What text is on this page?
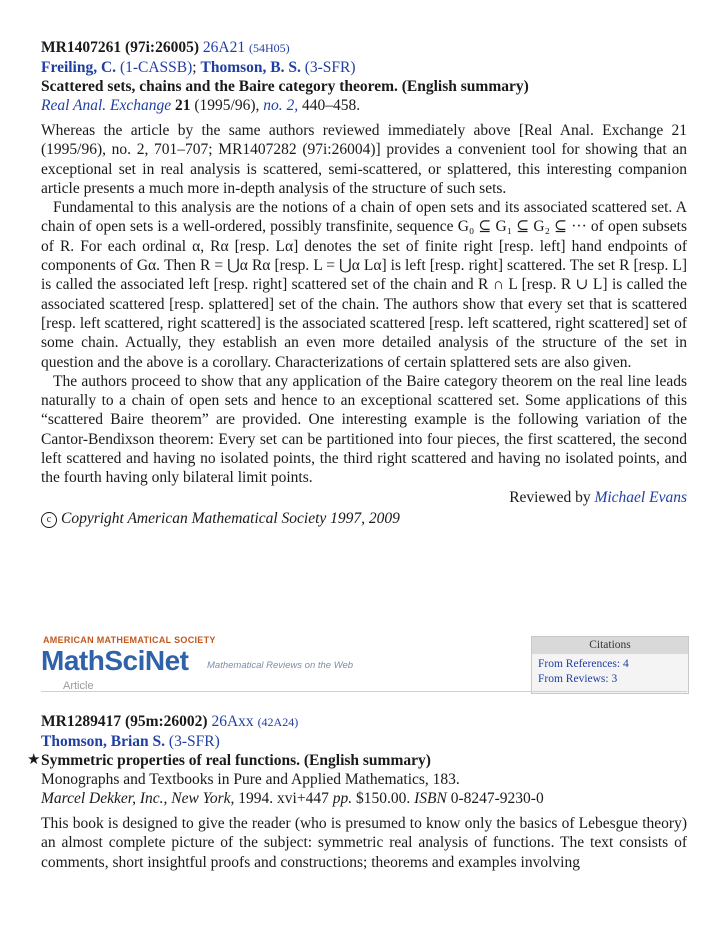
MR1407261 (97i:26005) 26A21 (54H05)
Freiling, C. (1-CASSB); Thomson, B. S. (3-SFR)
Scattered sets, chains and the Baire category theorem. (English summary)
Real Anal. Exchange 21 (1995/96), no. 2, 440–458.

Whereas the article by the same authors reviewed immediately above [Real Anal. Exchange 21 (1995/96), no. 2, 701–707; MR1407282 (97i:26004)] provides a convenient tool for showing that an exceptional set in real analysis is scattered, semi-scattered, or splattered, this interesting companion article presents a much more in-depth analysis of the structure of such sets.

Fundamental to this analysis are the notions of a chain of open sets and its associated scattered set. A chain of open sets is a well-ordered, possibly transfinite, sequence G₀ ⊆ G₁ ⊆ G₂ ⊆ ··· of open subsets of R. For each ordinal α, Rα [resp. Lα] denotes the set of finite right [resp. left] hand endpoints of components of Gα. Then R = ⋃α Rα [resp. L = ⋃α Lα] is left [resp. right] scattered. The set R [resp. L] is called the associated left [resp. right] scattered set of the chain and R ∩ L [resp. R ∪ L] is called the associated scattered [resp. splattered] set of the chain. The authors show that every set that is scattered [resp. left scattered, right scattered] is the associated scattered [resp. left scattered, right scattered] set of some chain. Actually, they establish an even more detailed analysis of the structure of the set in question and the above is a corollary. Characterizations of certain splattered sets are also given.

The authors proceed to show that any application of the Baire category theorem on the real line leads naturally to a chain of open sets and hence to an exceptional scattered set. Some applications of this “scattered Baire theorem” are provided. One interesting example is the following variation of the Cantor-Bendixson theorem: Every set can be partitioned into four pieces, the first scattered, the second left scattered and having no isolated points, the third right scattered and having no isolated points, and the fourth having only bilateral limit points.

Reviewed by Michael Evans
c Copyright American Mathematical Society 1997, 2009
AMERICAN MATHEMATICAL SOCIETY
MathSciNet Mathematical Reviews on the Web
Article
Citations
From References: 4
From Reviews: 3
MR1289417 (95m:26002) 26Axx (42A24)
Thomson, Brian S. (3-SFR)
★ Symmetric properties of real functions. (English summary)
Monographs and Textbooks in Pure and Applied Mathematics, 183.
Marcel Dekker, Inc., New York, 1994. xvi+447 pp. $150.00. ISBN 0-8247-9230-0

This book is designed to give the reader (who is presumed to know only the basics of Lebesgue theory) an almost complete picture of the subject: symmetric real analysis of functions. The text consists of comments, short insightful proofs and constructions; theorems and examples involving
